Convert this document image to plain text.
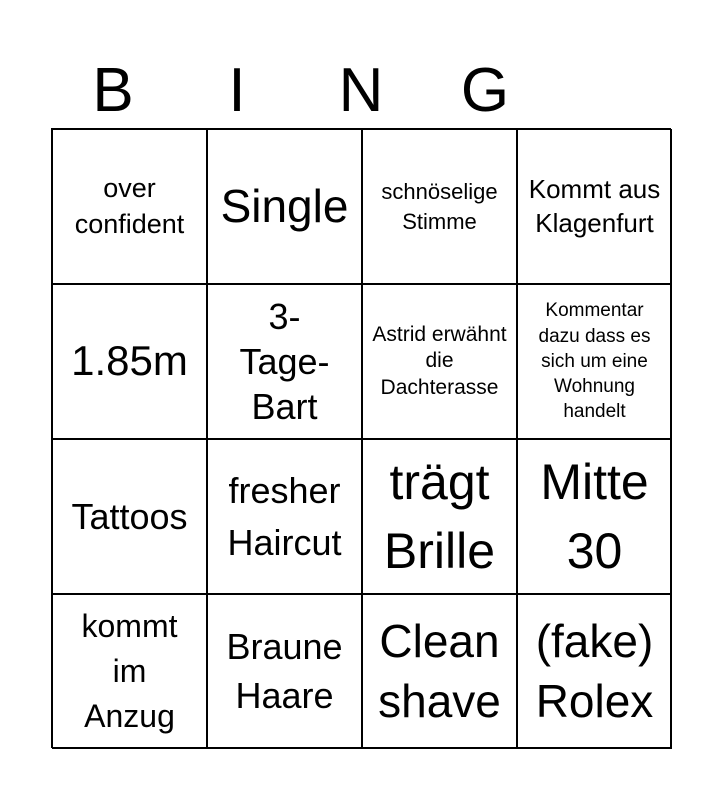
B	I	N	G
over confident Single	schnöselige Stimme
Kommt aus Klagenfurt
1.85m
3-Tage-Bart
Astrid erwähnt die Dachterasse
Kommentar dazu dass es sich um eine Wohnung handelt
Tattoos
fresher Haircut
trägt Brille
Mitte 30
kommt im Anzug
Braune Haare
Clean shave
(fake) Rolex
